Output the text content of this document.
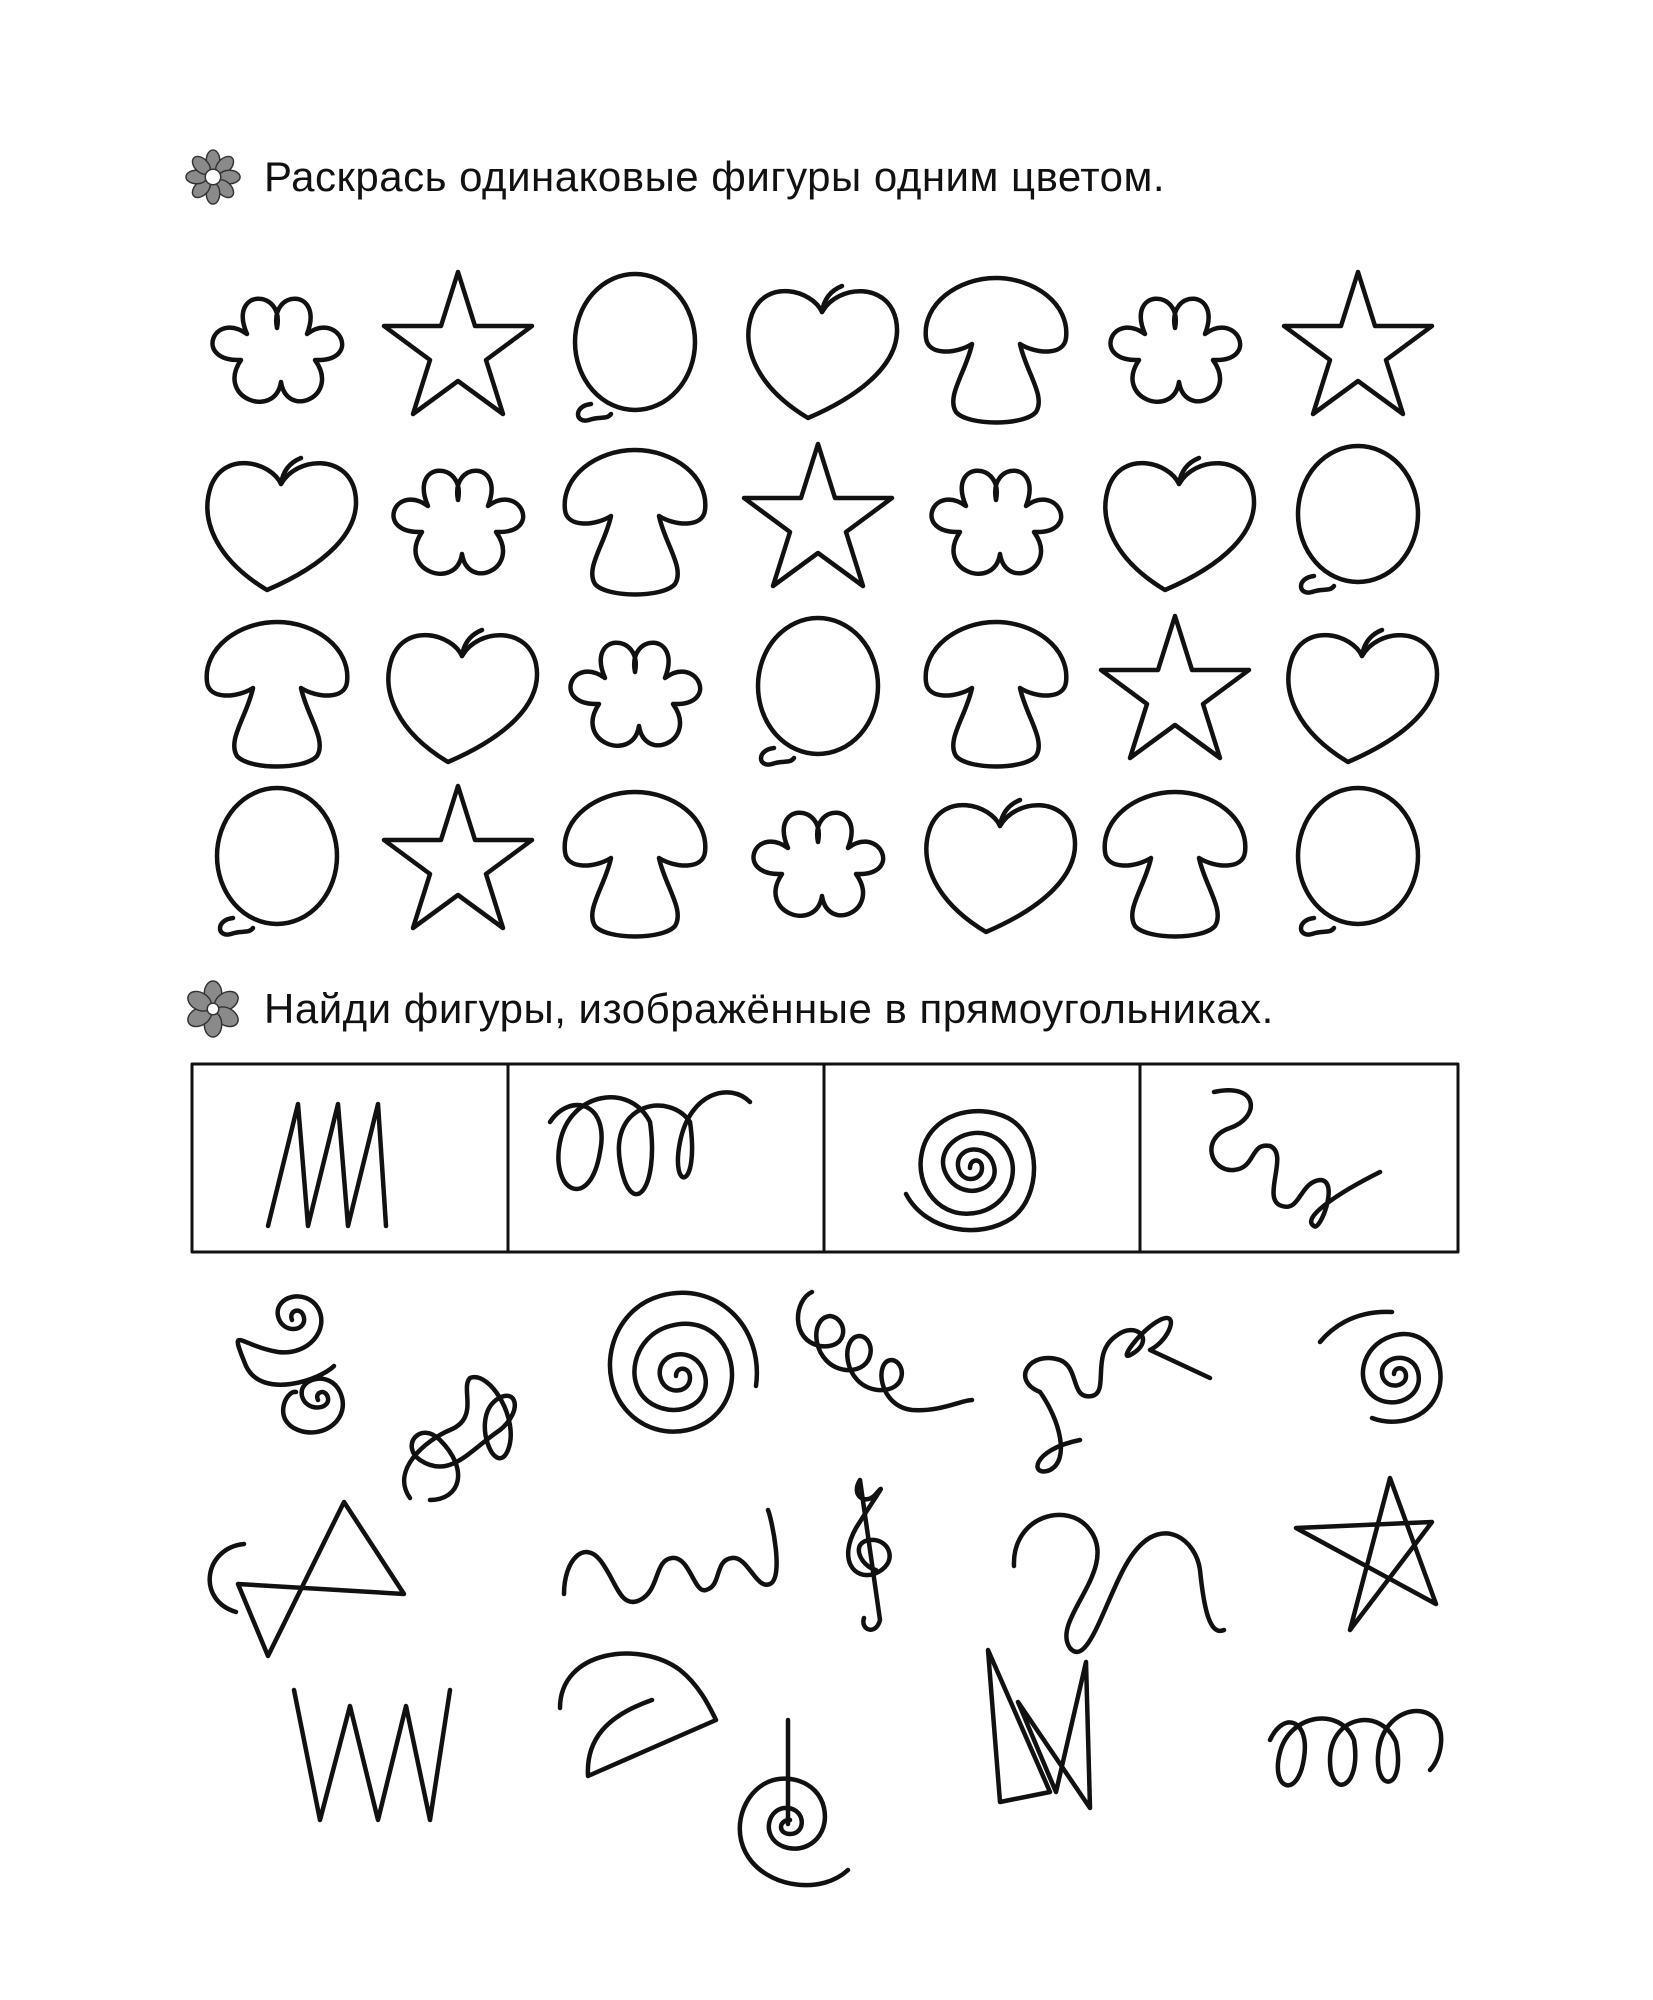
Раскрась одинаковые фигуры одним цветом.
Найди фигуры, изображённые в прямоугольниках.
